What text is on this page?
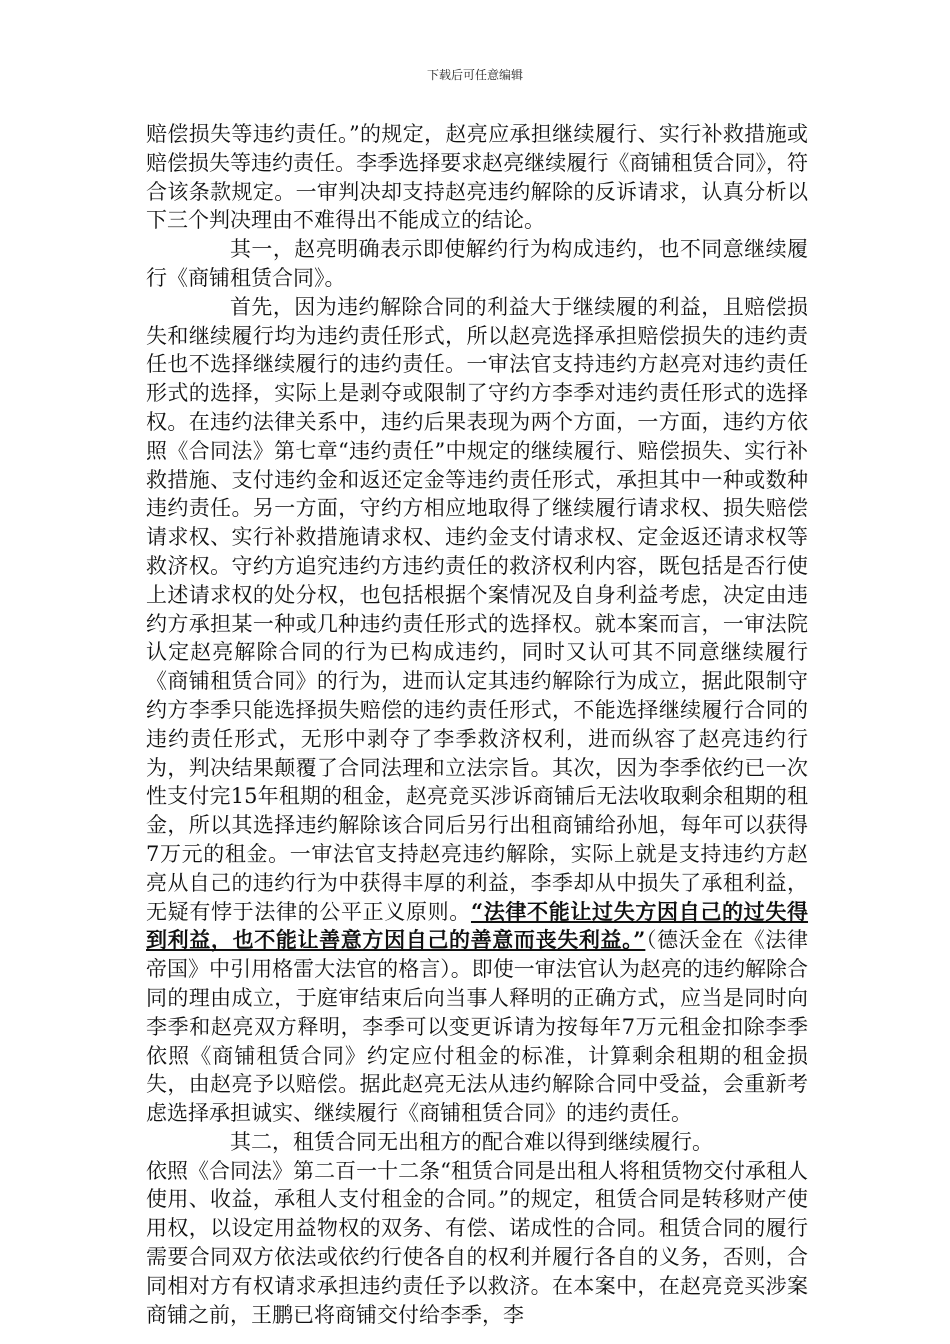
下载后可任意编辑

赔偿损失等违约责任。”的规定，赵亮应承担继续履行、实行补救措施或赔偿损失等违约责任。李季选择要求赵亮继续履行《商铺租赁合同》，符合该条款规定。一审判决却支持赵亮违约解除的反诉请求，认真分析以下三个判决理由不难得出不能成立的结论。

其一，赵亮明确表示即使解约行为构成违约，也不同意继续履行《商铺租赁合同》。

首先，因为违约解除合同的利益大于继续履的利益，且赔偿损失和继续履行均为违约责任形式，所以赵亮选择承担赔偿损失的违约责任也不选择继续履行的违约责任。一审法官支持违约方赵亮对违约责任形式的选择，实际上是剥夺或限制了守约方李季对违约责任形式的选择权。在违约法律关系中，违约后果表现为两个方面，一方面，违约方依照《合同法》第七章“违约责任”中规定的继续履行、赔偿损失、实行补救措施、支付违约金和返还定金等违约责任形式，承担其中一种或数种违约责任。另一方面，守约方相应地取得了继续履行请求权、损失赔偿请求权、实行补救措施请求权、违约金支付请求权、定金返还请求权等救济权。守约方追究违约方违约责任的救济权利内容，既包括是否行使上述请求权的处分权，也包括根据个案情况及自身利益考虑，决定由违约方承担某一种或几种违约责任形式的选择权。就本案而言，一审法院认定赵亮解除合同的行为已构成违约，同时又认可其不同意继续履行《商铺租赁合同》的行为，进而认定其违约解除行为成立，据此限制守约方李季只能选择损失赔偿的违约责任形式，不能选择继续履行合同的违约责任形式，无形中剥夺了李季救济权利，进而纵容了赵亮违约行为，判决结果颠覆了合同法理和立法宗旨。其次，因为李季依约已一次性支付完15年租期的租金，赵亮竞买涉诉商铺后无法收取剩余租期的租金，所以其选择违约解除该合同后另行出租商铺给孙旭，每年可以获得7万元的租金。一审法官支持赵亮违约解除，实际上就是支持违约方赵亮从自己的违约行为中获得丰厚的利益，李季却从中损失了承租利益，无疑有悖于法律的公平正义原则。“法律不能让过失方因自己的过失得到利益，也不能让善意方因自己的善意而丧失利益。”（德沃金在《法律帝国》中引用格雷大法官的格言）。即使一审法官认为赵亮的违约解除合同的理由成立，于庭审结束后向当事人释明的正确方式，应当是同时向李季和赵亮双方释明，李季可以变更诉请为按每年7万元租金扣除李季依照《商铺租赁合同》约定应付租金的标准，计算剩余租期的租金损失，由赵亮予以赔偿。据此赵亮无法从违约解除合同中受益，会重新考虑选择承担诚实、继续履行《商铺租赁合同》的违约责任。

其二，租赁合同无出租方的配合难以得到继续履行。

依照《合同法》第二百一十二条“租赁合同是出租人将租赁物交付承租人使用、收益，承租人支付租金的合同。”的规定，租赁合同是转移财产使用权，以设定用益物权的双务、有偿、诺成性的合同。租赁合同的履行需要合同双方依法或依约行使各自的权利并履行各自的义务，否则，合同相对方有权请求承担违约责任予以救济。在本案中，在赵亮竞买涉案商铺之前，王鹏已将商铺交付给李季，李
